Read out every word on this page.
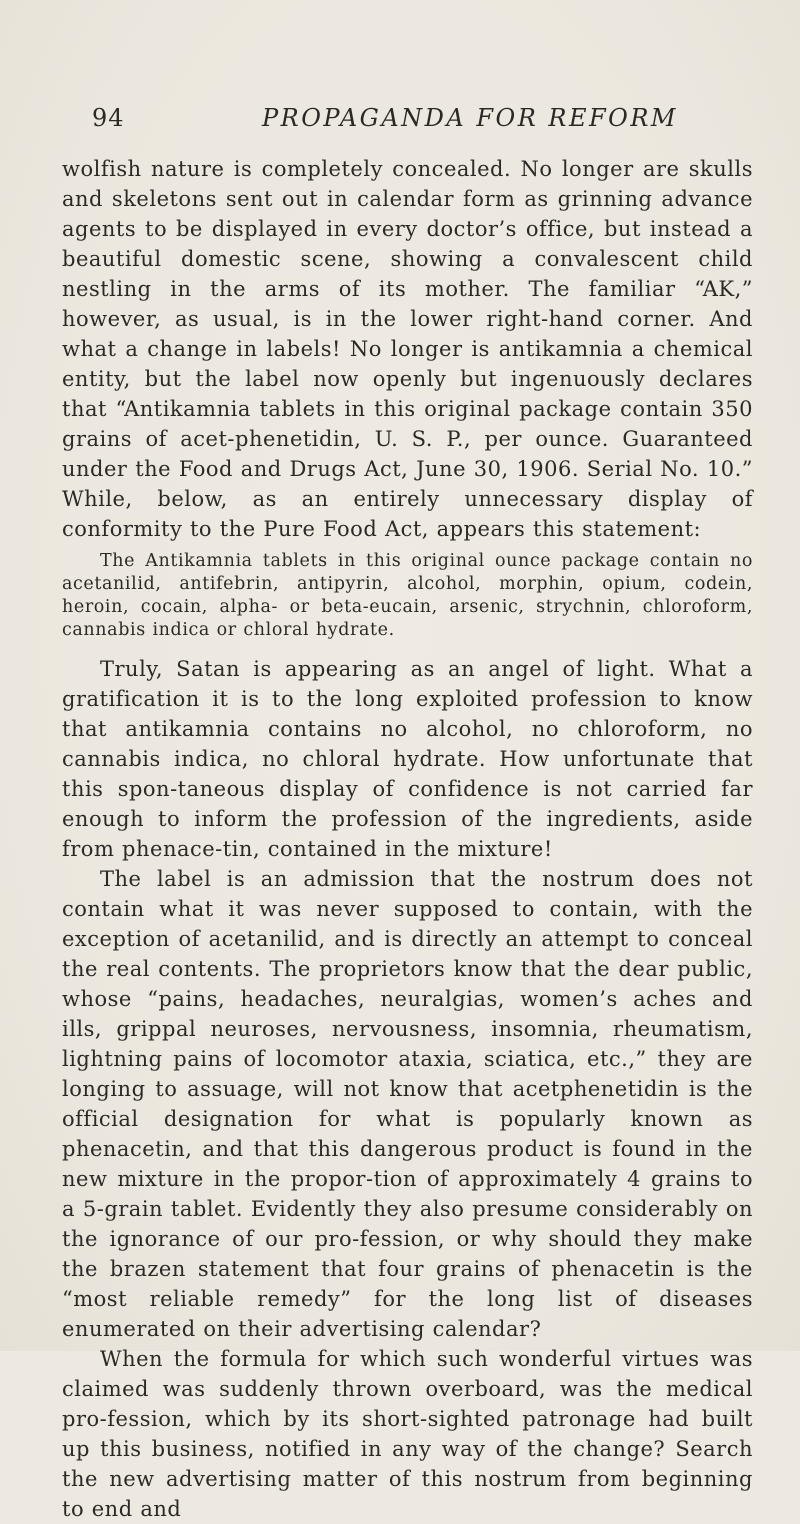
94	PROPAGANDA FOR REFORM

wolfish nature is completely concealed. No longer are skulls and skeletons sent out in calendar form as grinning advance agents to be displayed in every doctor’s office, but instead a beautiful domestic scene, showing a convalescent child nestling in the arms of its mother. The familiar “AK,” however, as usual, is in the lower right-hand corner. And what a change in labels! No longer is antikamnia a chemical entity, but the label now openly but ingenuously declares that “Antikamnia tablets in this original package contain 350 grains of acet-phenetidin, U. S. P., per ounce. Guaranteed under the Food and Drugs Act, June 30, 1906. Serial No. 10.” While, below, as an entirely unnecessary display of conformity to the Pure Food Act, appears this statement:

The Antikamnia tablets in this original ounce package contain no acetanilid, antifebrin, antipyrin, alcohol, morphin, opium, codein, heroin, cocain, alpha- or beta-eucain, arsenic, strychnin, chloroform, cannabis indica or chloral hydrate.

Truly, Satan is appearing as an angel of light. What a gratification it is to the long exploited profession to know that antikamnia contains no alcohol, no chloroform, no cannabis indica, no chloral hydrate. How unfortunate that this spon-taneous display of confidence is not carried far enough to inform the profession of the ingredients, aside from phenace-tin, contained in the mixture!

The label is an admission that the nostrum does not contain what it was never supposed to contain, with the exception of acetanilid, and is directly an attempt to conceal the real contents. The proprietors know that the dear public, whose “pains, headaches, neuralgias, women’s aches and ills, grippal neuroses, nervousness, insomnia, rheumatism, lightning pains of locomotor ataxia, sciatica, etc.,” they are longing to assuage, will not know that acetphenetidin is the official designation for what is popularly known as phenacetin, and that this dangerous product is found in the new mixture in the propor-tion of approximately 4 grains to a 5-grain tablet. Evidently they also presume considerably on the ignorance of our pro-fession, or why should they make the brazen statement that four grains of phenacetin is the “most reliable remedy” for the long list of diseases enumerated on their advertising calendar?

When the formula for which such wonderful virtues was claimed was suddenly thrown overboard, was the medical pro-fession, which by its short-sighted patronage had built up this business, notified in any way of the change? Search the new advertising matter of this nostrum from beginning to end and
